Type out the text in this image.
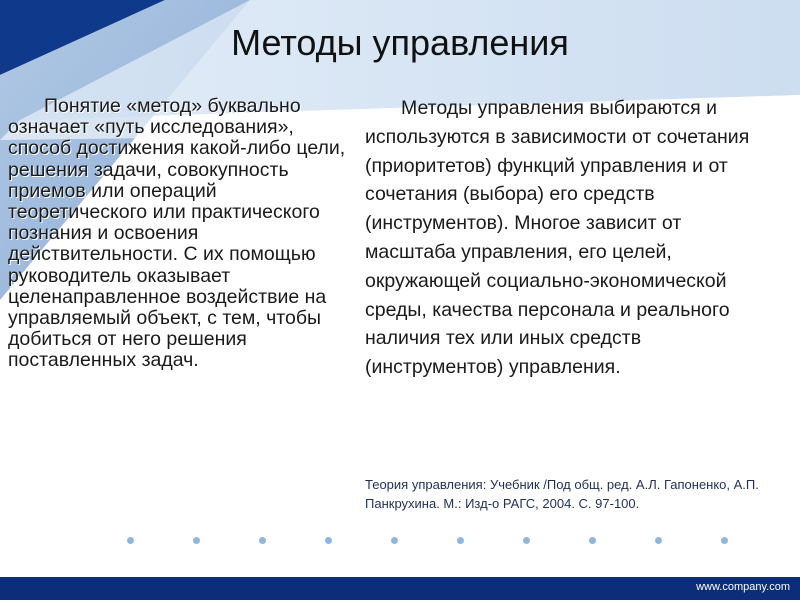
Методы управления
Понятие «метод» буквально означает «путь исследования», способ достижения какой-либо цели, решения задачи, совокупность приемов или операций теоретического или практического познания и освоения действительности. С их помощью руководитель оказывает целенаправленное воздействие на управляемый объект, с тем, чтобы добиться от него решения поставленных задач.
Методы управления выбираются и используются в зависимости от сочетания (приоритетов) функций управления и от сочетания (выбора) его средств (инструментов). Многое зависит от масштаба управления, его целей, окружающей социально-экономической среды, качества персонала и реального наличия тех или иных средств (инструментов) управления.
Теория управления: Учебник /Под общ. ред. А.Л. Гапоненко, А.П. Панкрухина. М.: Изд-о РАГС, 2004. С. 97-100.
www.company.com
